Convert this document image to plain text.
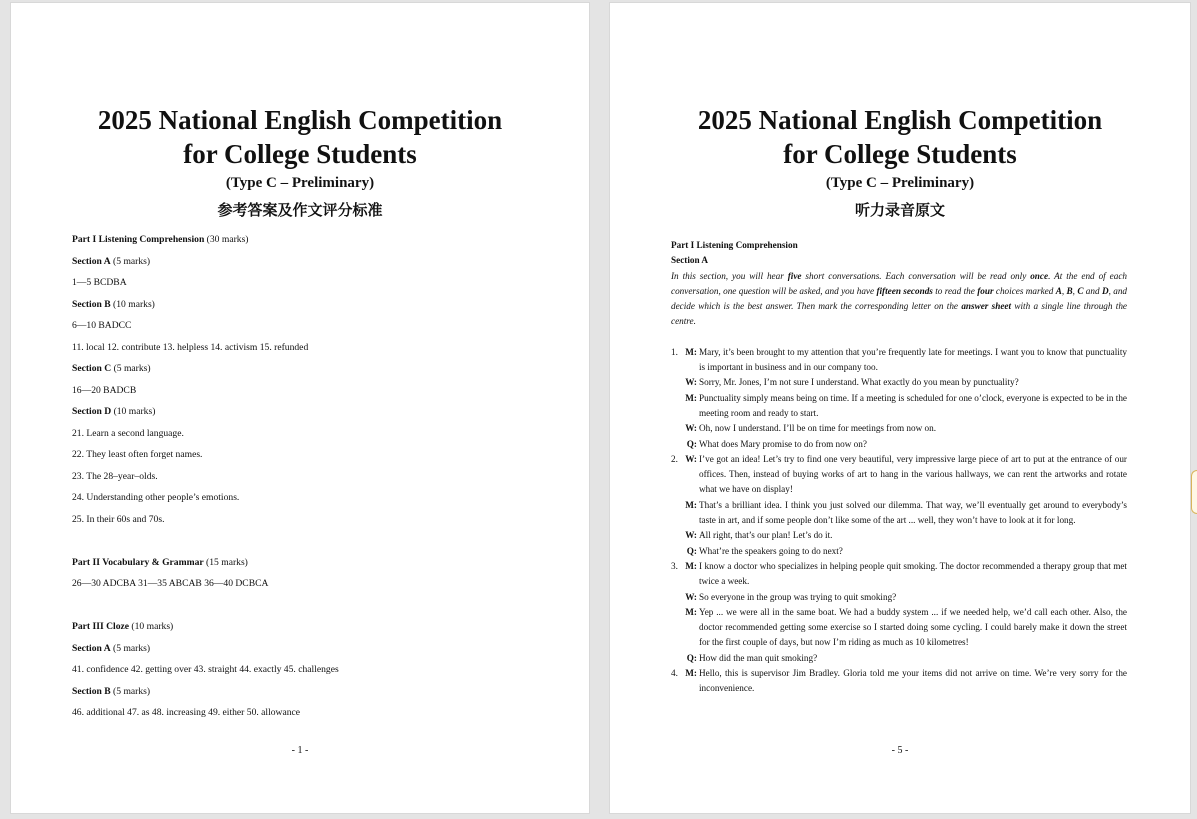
2025 National English Competition
for College Students
(Type C – Preliminary)
参考答案及作文评分标准
Part I Listening Comprehension (30 marks)
Section A (5 marks)
1—5 BCDBA
Section B (10 marks)
6—10 BADCC
11. local 12. contribute 13. helpless 14. activism 15. refunded
Section C (5 marks)
16—20 BADCB
Section D (10 marks)
21. Learn a second language.
22. They least often forget names.
23. The 28–year–olds.
24. Understanding other people’s emotions.
25. In their 60s and 70s.
Part II Vocabulary & Grammar (15 marks)
26—30 ADCBA 31—35 ABCAB 36—40 DCBCA
Part III Cloze (10 marks)
Section A (5 marks)
41. confidence 42. getting over 43. straight 44. exactly 45. challenges
Section B (5 marks)
46. additional 47. as 48. increasing 49. either 50. allowance
- 1 -
2025 National English Competition
for College Students
(Type C – Preliminary)
听力录音原文
Part I Listening Comprehension
Section A
In this section, you will hear five short conversations. Each conversation will be read only once. At the end of each conversation, one question will be asked, and you have fifteen seconds to read the four choices marked A, B, C and D, and decide which is the best answer. Then mark the corresponding letter on the answer sheet with a single line through the centre.
1. M: Mary, it’s been brought to my attention that you’re frequently late for meetings. I want you to know that punctuality is important in business and in our company too.
W: Sorry, Mr. Jones, I’m not sure I understand. What exactly do you mean by punctuality?
M: Punctuality simply means being on time. If a meeting is scheduled for one o’clock, everyone is expected to be in the meeting room and ready to start.
W: Oh, now I understand. I’ll be on time for meetings from now on.
Q: What does Mary promise to do from now on?
2. W: I’ve got an idea! Let’s try to find one very beautiful, very impressive large piece of art to put at the entrance of our offices. Then, instead of buying works of art to hang in the various hallways, we can rent the artworks and rotate what we have on display!
M: That’s a brilliant idea. I think you just solved our dilemma. That way, we’ll eventually get around to everybody’s taste in art, and if some people don’t like some of the art ... well, they won’t have to look at it for long.
W: All right, that’s our plan! Let’s do it.
Q: What’re the speakers going to do next?
3. M: I know a doctor who specializes in helping people quit smoking. The doctor recommended a therapy group that met twice a week.
W: So everyone in the group was trying to quit smoking?
M: Yep ... we were all in the same boat. We had a buddy system ... if we needed help, we’d call each other. Also, the doctor recommended getting some exercise so I started doing some cycling. I could barely make it down the street for the first couple of days, but now I’m riding as much as 10 kilometres!
Q: How did the man quit smoking?
4. M: Hello, this is supervisor Jim Bradley. Gloria told me your items did not arrive on time. We’re very sorry for the inconvenience.
- 5 -
